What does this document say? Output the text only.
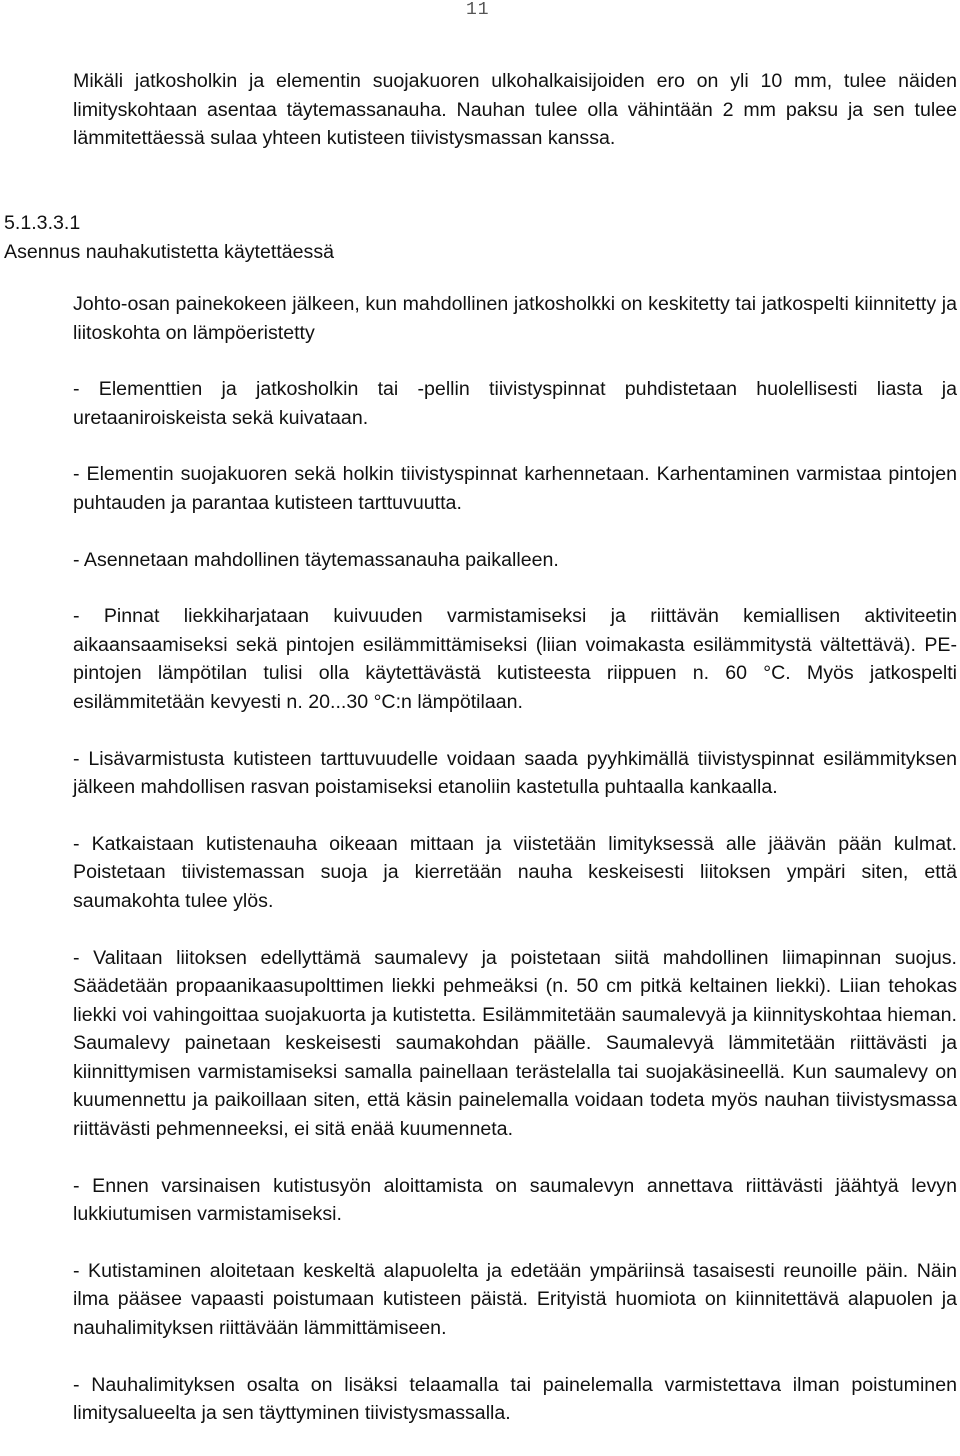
11

Mikäli jatkosholkin ja elementin suojakuoren ulkohalkaisijoiden ero on yli 10 mm, tulee näiden limityskohtaan asentaa täytemassanauha. Nauhan tulee olla vähintään 2 mm paksu ja sen tulee lämmitettäessä sulaa yhteen kutisteen tiivistysmassan kanssa.

5.1.3.3.1
Asennus nauhakutistetta käytettäessä

Johto-osan painekokeen jälkeen, kun mahdollinen jatkosholkki on keskitetty tai jatkospelti kiinnitetty ja liitoskohta on lämpöeristetty

- Elementtien ja jatkosholkin tai -pellin tiivistyspinnat puhdistetaan huolellisesti liasta ja uretaaniroiskeista sekä kuivataan.

- Elementin suojakuoren sekä holkin tiivistyspinnat karhennetaan. Karhentaminen varmistaa pintojen puhtauden ja parantaa kutisteen tarttuvuutta.

- Asennetaan mahdollinen täytemassanauha paikalleen.

- Pinnat liekkiharjataan kuivuuden varmistamiseksi ja riittävän kemiallisen aktiviteetin aikaansaamiseksi sekä pintojen esilämmittämiseksi (liian voimakasta esilämmitystä vältettävä). PE-pintojen lämpötilan tulisi olla käytettävästä kutisteesta riippuen n. 60 °C. Myös jatkospelti esilämmitetään kevyesti n. 20...30 °C:n lämpötilaan.

- Lisävarmistusta kutisteen tarttuvuudelle voidaan saada pyyhkimällä tiivistyspinnat esilämmityksen jälkeen mahdollisen rasvan poistamiseksi etanoliin kastetulla puhtaalla kankaalla.

- Katkaistaan kutistenauha oikeaan mittaan ja viistetään limityksessä alle jäävän pään kulmat. Poistetaan tiivistemassan suoja ja kierretään nauha keskeisesti liitoksen ympäri siten, että saumakohta tulee ylös.

- Valitaan liitoksen edellyttämä saumalevy ja poistetaan siitä mahdollinen liimapinnan suojus. Säädetään propaanikaasupolttimen liekki pehmeäksi (n. 50 cm pitkä keltainen liekki). Liian tehokas liekki voi vahingoittaa suojakuorta ja kutistetta. Esilämmitetään saumalevyä ja kiinnityskohtaa hieman. Saumalevy painetaan keskeisesti saumakohdan päälle. Saumalevyä lämmitetään riittävästi ja kiinnittymisen varmistamiseksi samalla painellaan terästelalla tai suojakäsineellä. Kun saumalevy on kuumennettu ja paikoillaan siten, että käsin painelemalla voidaan todeta myös nauhan tiivistysmassa riittävästi pehmenneeksi, ei sitä enää kuumenneta.

- Ennen varsinaisen kutistusyön aloittamista on saumalevyn annettava riittävästi jäähtyä levyn lukkiutumisen varmistamiseksi.

- Kutistaminen aloitetaan keskeltä alapuolelta ja edetään ympäriinsä tasaisesti reunoille päin. Näin ilma pääsee vapaasti poistumaan kutisteen päistä. Erityistä huomiota on kiinnitettävä alapuolen ja nauhalimityksen riittävään lämmittämiseen.

- Nauhalimityksen osalta on lisäksi telaamalla tai painelemalla varmistettava ilman poistuminen limitysalueelta ja sen täyttyminen tiivistysmassalla.
